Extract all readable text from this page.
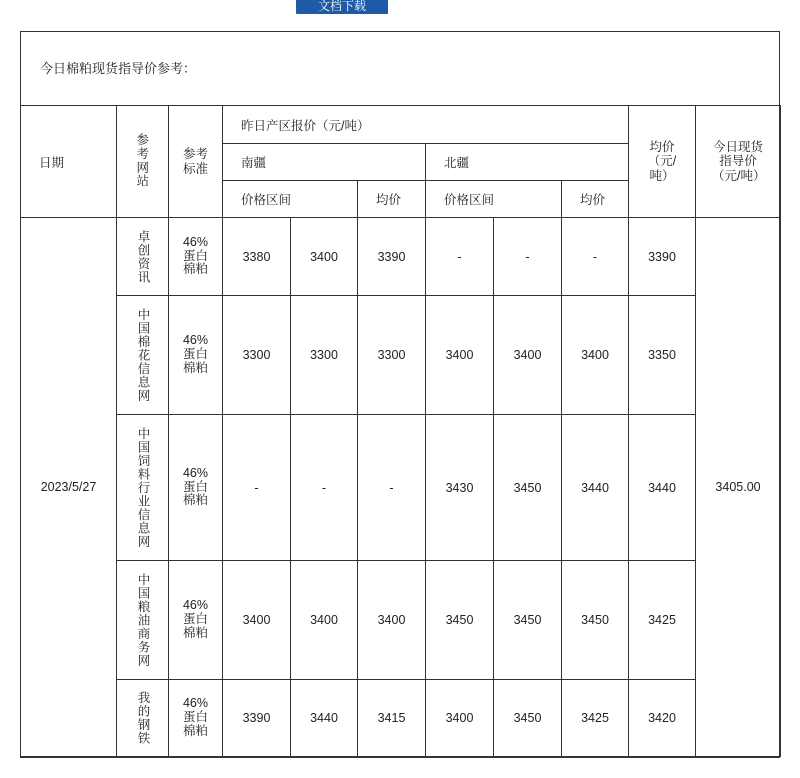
文档下载
今日棉粕现货指导价参考：
日期	参考网站	参考标准	昨日产区报价（元/吨）						均价（元/吨）	今日现货指导价（元/吨）

			南疆			北疆				
			价格区间		均价	价格区间		均价		
2023/5/27	卓创资讯	46%蛋白棉粕	3380	3400	3390	-	-	-	3390	3405.00

	中国棉花信息网	46%蛋白棉粕	3300	3300	3300	3400	3400	3400	3350	

	中国饲料行业信息网	46%蛋白棉粕	-	-	-	3430	3450	3440	3440	

	中国粮油商务网	46%蛋白棉粕	3400	3400	3400	3450	3450	3450	3425	

	我的钢铁	46%蛋白棉粕	3390	3440	3415	3400	3450	3425	3420	
